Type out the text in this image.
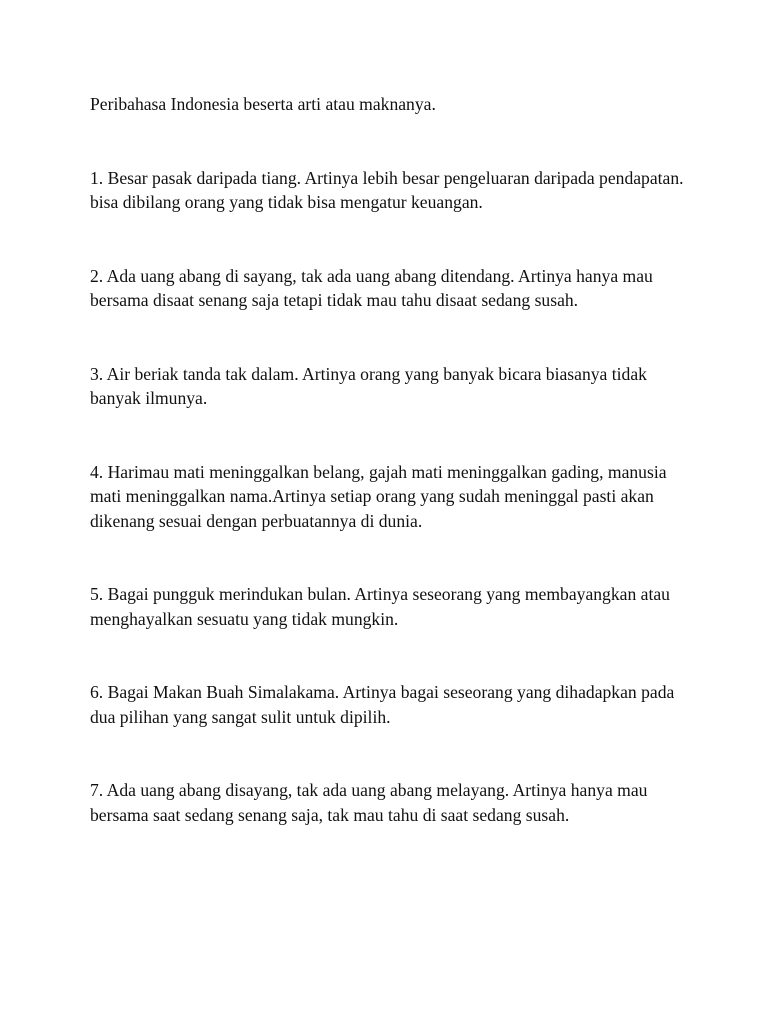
Peribahasa Indonesia beserta arti atau maknanya.

1. Besar pasak daripada tiang. Artinya lebih besar pengeluaran daripada pendapatan. bisa dibilang orang yang tidak bisa mengatur keuangan.

2. Ada uang abang di sayang, tak ada uang abang ditendang. Artinya hanya mau bersama disaat senang saja tetapi tidak mau tahu disaat sedang susah.

3. Air beriak tanda tak dalam. Artinya orang yang banyak bicara biasanya tidak banyak ilmunya.

4. Harimau mati meninggalkan belang, gajah mati meninggalkan gading, manusia mati meninggalkan nama.Artinya setiap orang yang sudah meninggal pasti akan dikenang sesuai dengan perbuatannya di dunia.

5. Bagai pungguk merindukan bulan. Artinya seseorang yang membayangkan atau menghayalkan sesuatu yang tidak mungkin.

6. Bagai Makan Buah Simalakama. Artinya bagai seseorang yang dihadapkan pada dua pilihan yang sangat sulit untuk dipilih.

7. Ada uang abang disayang, tak ada uang abang melayang. Artinya hanya mau bersama saat sedang senang saja, tak mau tahu di saat sedang susah.
